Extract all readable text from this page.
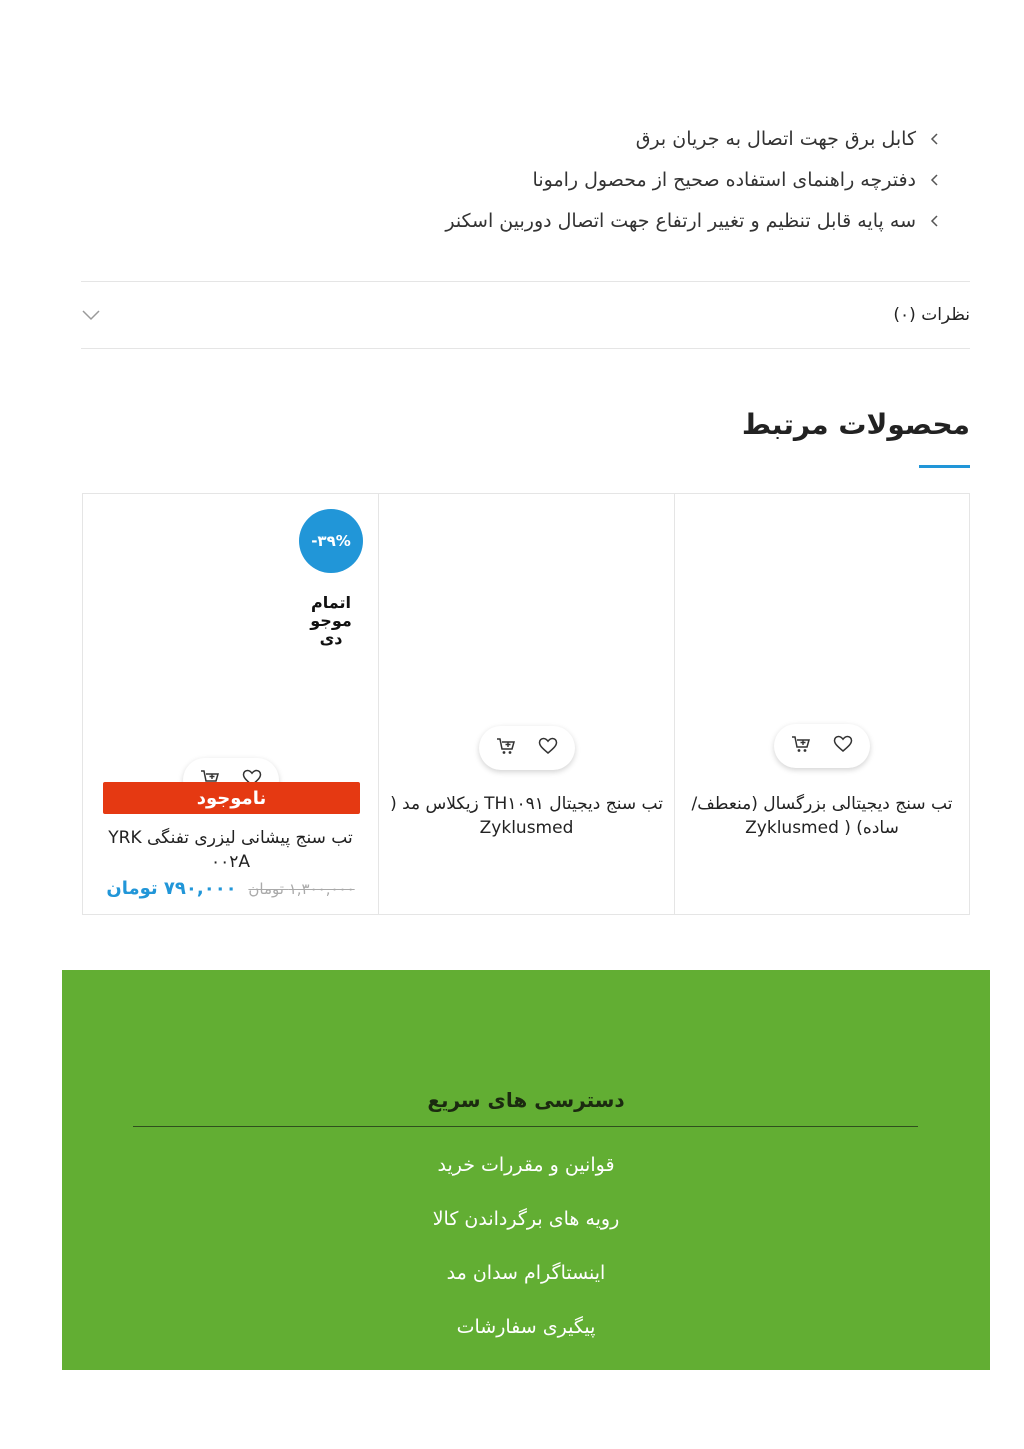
کابل برق جهت اتصال به جریان برق
دفترچه راهنمای استفاده صحیح از محصول رامونا
سه پایه قابل تنظیم و تغییر ارتفاع جهت اتصال دوربین اسکنر
نظرات (۰)
محصولات مرتبط
تب سنج دیجیتالی بزرگسال (منعطف/ساده) ( Zyklusmed
تب سنج دیجیتال TH۱۰۹۱ زیکلاس مد ( Zyklusmed
-۳۹%
اتمام موجو دی
ناموجود
تب سنج پیشانی لیزری تفنگی YRK ۰۰۲A
۱,۳۰۰,۰۰۰ تومان ۷۹۰,۰۰۰ تومان
دسترسی های سریع
قوانین و مقررات خرید
رویه های برگرداندن کالا
اینستاگرام سدان مد
پیگیری سفارشات
